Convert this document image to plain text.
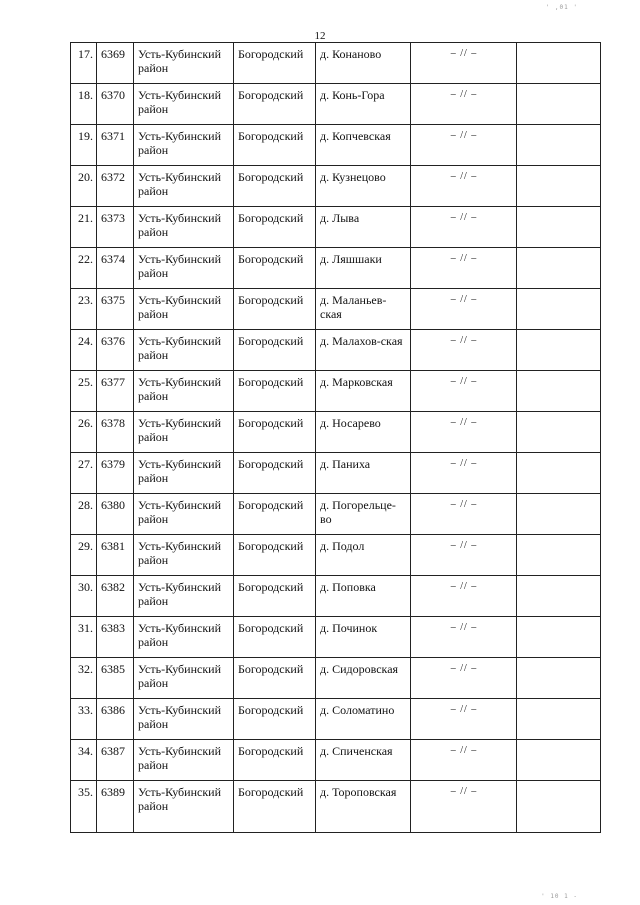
' ,01 '
12
17.	6369	Усть-Кубинский район	Богородский	д. Конаново	– // –	
18.	6370	Усть-Кубинский район	Богородский	д. Конь-Гора	– // –	
19.	6371	Усть-Кубинский район	Богородский	д. Копчевская	– // –	
20.	6372	Усть-Кубинский район	Богородский	д. Кузнецово	– // –	
21.	6373	Усть-Кубинский район	Богородский	д. Лыва	– // –	
22.	6374	Усть-Кубинский район	Богородский	д. Ляшшаки	– // –	
23.	6375	Усть-Кубинский район	Богородский	д. Маланьев-ская	– // –	
24.	6376	Усть-Кубинский район	Богородский	д. Малахов-ская	– // –	
25.	6377	Усть-Кубинский район	Богородский	д. Марковская	– // –	
26.	6378	Усть-Кубинский район	Богородский	д. Носарево	– // –	
27.	6379	Усть-Кубинский район	Богородский	д. Паниха	– // –	
28.	6380	Усть-Кубинский район	Богородский	д. Погорельце-во	– // –	
29.	6381	Усть-Кубинский район	Богородский	д. Подол	– // –	
30.	6382	Усть-Кубинский район	Богородский	д. Поповка	– // –	
31.	6383	Усть-Кубинский район	Богородский	д. Починок	– // –	
32.	6385	Усть-Кубинский район	Богородский	д. Сидоровская	– // –	
33.	6386	Усть-Кубинский район	Богородский	д. Соломатино	– // –	
34.	6387	Усть-Кубинский район	Богородский	д. Спиченская	– // –	
35.	6389	Усть-Кубинский район	Богородский	д. Тороповская	– // –	
' 10 1 -
